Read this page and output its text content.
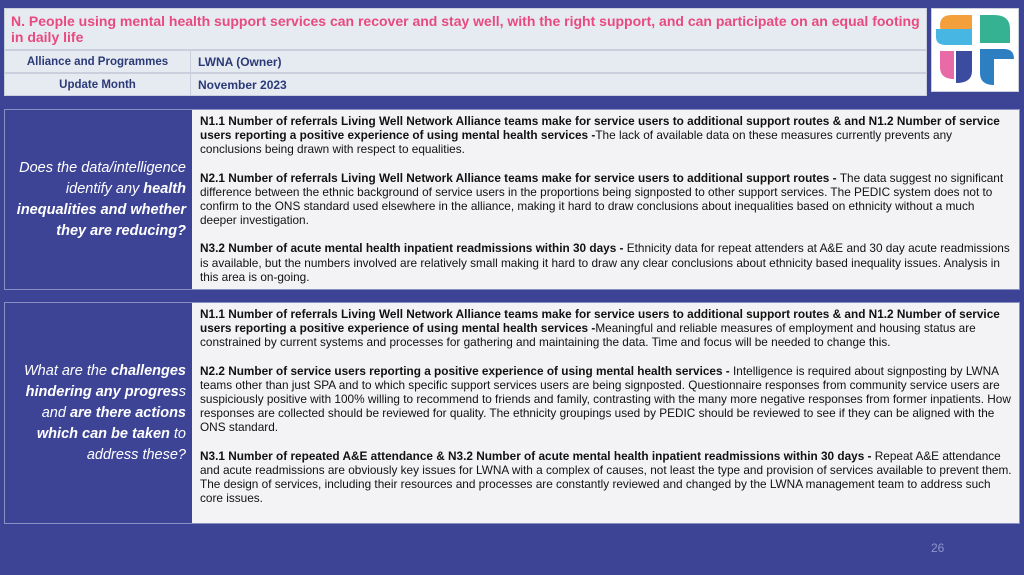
N. People using mental health support services can recover and stay well, with the right support, and can participate on an equal footing in daily life
Alliance and Programmes	LWNA (Owner)
Update Month	November 2023
Does the data/intelligence identify any health inequalities and whether they are reducing?

N1.1 Number of referrals Living Well Network Alliance teams make for service users to additional support routes & and N1.2 Number of service users reporting a positive experience of using mental health services -The lack of available data on these measures currently prevents any conclusions being drawn with respect to equalities.

N2.1 Number of referrals Living Well Network Alliance teams make for service users to additional support routes - The data suggest no significant difference between the ethnic background of service users in the proportions being signposted to other support services. The PEDIC system does not to confirm to the ONS standard used elsewhere in the alliance, making it hard to draw conclusions about inequalities based on ethnicity without a much deeper investigation.

N3.2 Number of acute mental health inpatient readmissions within 30 days - Ethnicity data for repeat attenders at A&E and 30 day acute readmissions is available, but the numbers involved are relatively small making it hard to draw any clear conclusions about ethnicity based inequality issues. Analysis in this area is on-going.

What are the challenges hindering any progress and are there actions which can be taken to address these?

N1.1 Number of referrals Living Well Network Alliance teams make for service users to additional support routes & and N1.2 Number of service users reporting a positive experience of using mental health services -Meaningful and reliable measures of employment and housing status are constrained by current systems and processes for gathering and maintaining the data. Time and focus will be needed to change this.

N2.2 Number of service users reporting a positive experience of using mental health services - Intelligence is required about signposting by LWNA teams other than just SPA and to which specific support services users are being signposted. Questionnaire responses from community service users are suspiciously positive with 100% willing to recommend to friends and family, contrasting with the many more negative responses from former inpatients. How responses are collected should be reviewed for quality. The ethnicity groupings used by PEDIC should be reviewed to see if they can be aligned with the ONS standard.

N3.1 Number of repeated A&E attendance & N3.2 Number of acute mental health inpatient readmissions within 30 days - Repeat A&E attendance and acute readmissions are obviously key issues for LWNA with a complex of causes, not least the type and provision of services available to prevent them. The design of services, including their resources and processes are constantly reviewed and changed by the LWNA management team to address such core issues.

26
